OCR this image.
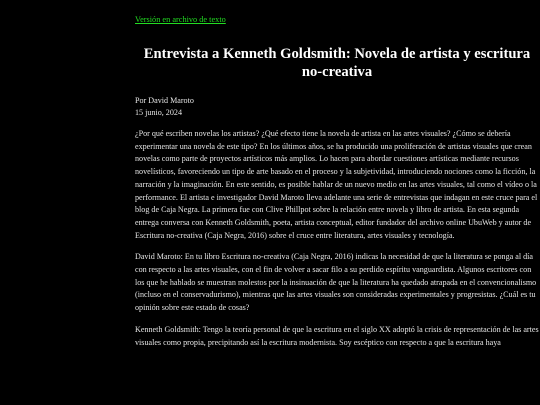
Versión en archivo de texto
Entrevista a Kenneth Goldsmith: Novela de artista y escritura no-creativa
Por David Maroto
15 junio, 2024

¿Por qué escriben novelas los artistas? ¿Qué efecto tiene la novela de artista en las artes visuales? ¿Cómo se debería experimentar una novela de este tipo? En los últimos años, se ha producido una proliferación de artistas visuales que crean novelas como parte de proyectos artísticos más amplios. Lo hacen para abordar cuestiones artísticas mediante recursos novelísticos, favoreciendo un tipo de arte basado en el proceso y la subjetividad, introduciendo nociones como la ficción, la narración y la imaginación. En este sentido, es posible hablar de un nuevo medio en las artes visuales, tal como el vídeo o la performance. El artista e investigador David Maroto lleva adelante una serie de entrevistas que indagan en este cruce para el blog de Caja Negra. La primera fue con Clive Phillpot sobre la relación entre novela y libro de artista. En esta segunda entrega conversa con Kenneth Goldsmith, poeta, artista conceptual, editor fundador del archivo online UbuWeb y autor de Escritura no-creativa (Caja Negra, 2016) sobre el cruce entre literatura, artes visuales y tecnología.

David Maroto: En tu libro Escritura no-creativa (Caja Negra, 2016) indicas la necesidad de que la literatura se ponga al día con respecto a las artes visuales, con el fin de volver a sacar filo a su perdido espíritu vanguardista. Algunos escritores con los que he hablado se muestran molestos por la insinuación de que la literatura ha quedado atrapada en el convencionalismo (incluso en el conservadurismo), mientras que las artes visuales son consideradas experimentales y progresistas. ¿Cuál es tu opinión sobre este estado de cosas?

Kenneth Goldsmith: Tengo la teoría personal de que la escritura en el siglo XX adoptó la crisis de representación de las artes visuales como propia, precipitando así la escritura modernista. Soy escéptico con respecto a que la escritura haya
